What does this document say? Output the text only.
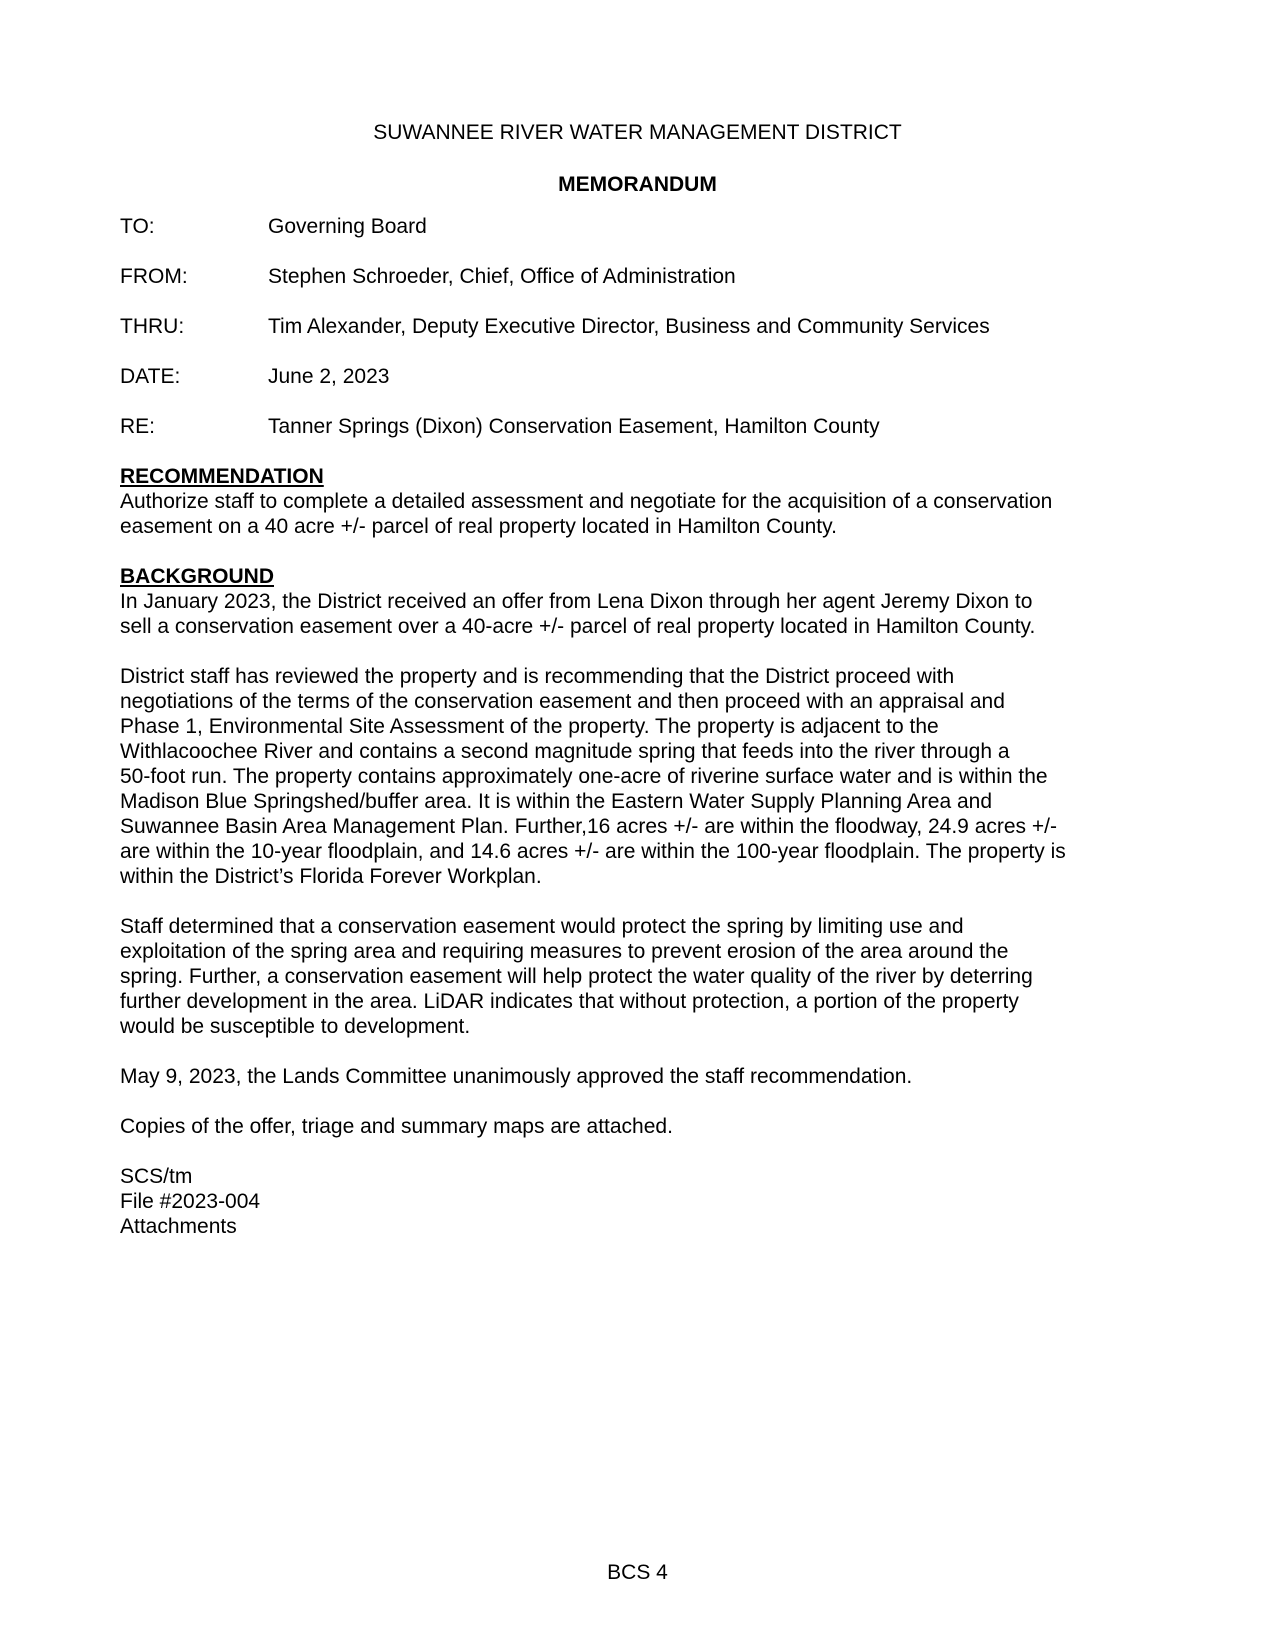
SUWANNEE RIVER WATER MANAGEMENT DISTRICT
MEMORANDUM
TO:	Governing Board
FROM:	Stephen Schroeder, Chief, Office of Administration
THRU:	Tim Alexander, Deputy Executive Director, Business and Community Services
DATE:	June 2, 2023
RE:	Tanner Springs (Dixon) Conservation Easement, Hamilton County

RECOMMENDATION

Authorize staff to complete a detailed assessment and negotiate for the acquisition of a conservation
easement on a 40 acre +/- parcel of real property located in Hamilton County.

BACKGROUND

In January 2023, the District received an offer from Lena Dixon through her agent Jeremy Dixon to
sell a conservation easement over a 40-acre +/- parcel of real property located in Hamilton County.

District staff has reviewed the property and is recommending that the District proceed with
negotiations of the terms of the conservation easement and then proceed with an appraisal and
Phase 1, Environmental Site Assessment of the property. The property is adjacent to the
Withlacoochee River and contains a second magnitude spring that feeds into the river through a
50-foot run. The property contains approximately one-acre of riverine surface water and is within the
Madison Blue Springshed/buffer area. It is within the Eastern Water Supply Planning Area and
Suwannee Basin Area Management Plan. Further,16 acres +/- are within the floodway, 24.9 acres +/-
are within the 10-year floodplain, and 14.6 acres +/- are within the 100-year floodplain. The property is
within the District’s Florida Forever Workplan.

Staff determined that a conservation easement would protect the spring by limiting use and
exploitation of the spring area and requiring measures to prevent erosion of the area around the
spring. Further, a conservation easement will help protect the water quality of the river by deterring
further development in the area. LiDAR indicates that without protection, a portion of the property
would be susceptible to development.

May 9, 2023, the Lands Committee unanimously approved the staff recommendation.

Copies of the offer, triage and summary maps are attached.

SCS/tm
File #2023-004
Attachments

BCS 4
